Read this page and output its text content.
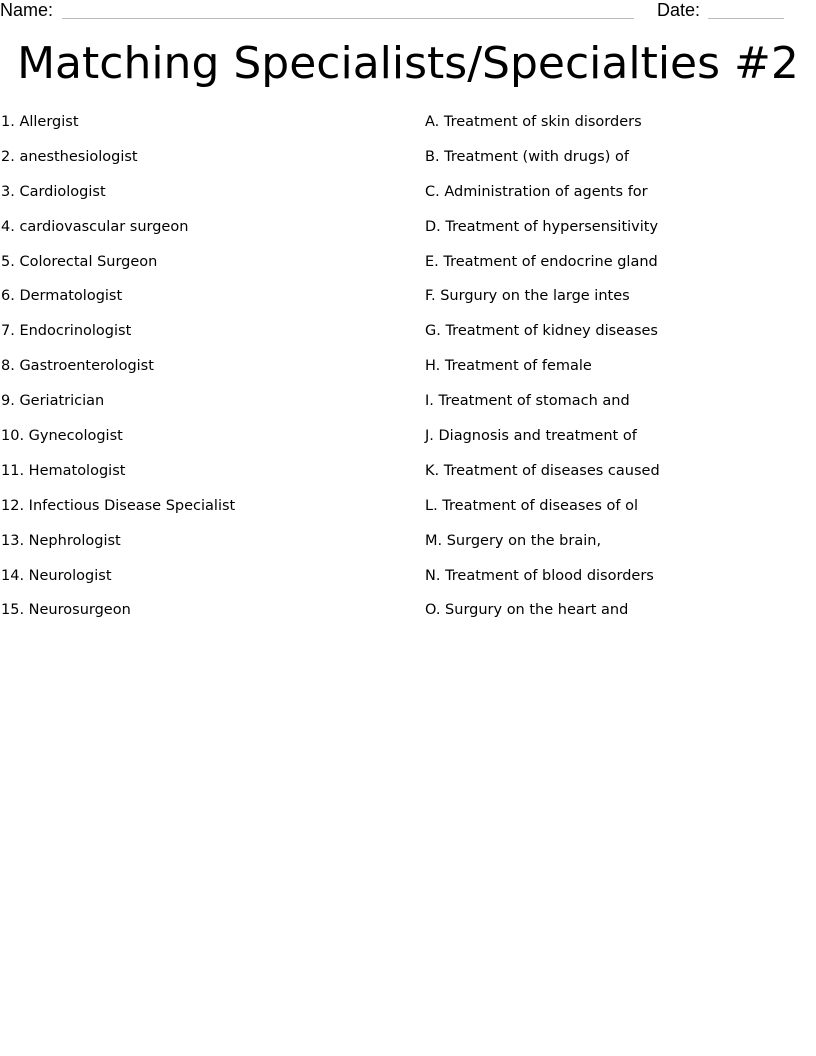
Name:	Date:
Matching Specialists/Specialties #2
1. Allergist
2. anesthesiologist
3. Cardiologist
4. cardiovascular surgeon
5. Colorectal Surgeon
6. Dermatologist
7. Endocrinologist
8. Gastroenterologist
9. Geriatrician
10. Gynecologist
11. Hematologist
12. Infectious Disease Specialist
13. Nephrologist
14. Neurologist
15. Neurosurgeon
A. Treatment of skin disorders
B. Treatment (with drugs) of
C. Administration of agents for
D. Treatment of hypersensitivity
E. Treatment of endocrine gland
F. Surgury on the large intes
G. Treatment of kidney diseases
H. Treatment of female
I. Treatment of stomach and
J. Diagnosis and treatment of
K. Treatment of diseases caused
L. Treatment of diseases of ol
M. Surgery on the brain,
N. Treatment of blood disorders
O. Surgury on the heart and
